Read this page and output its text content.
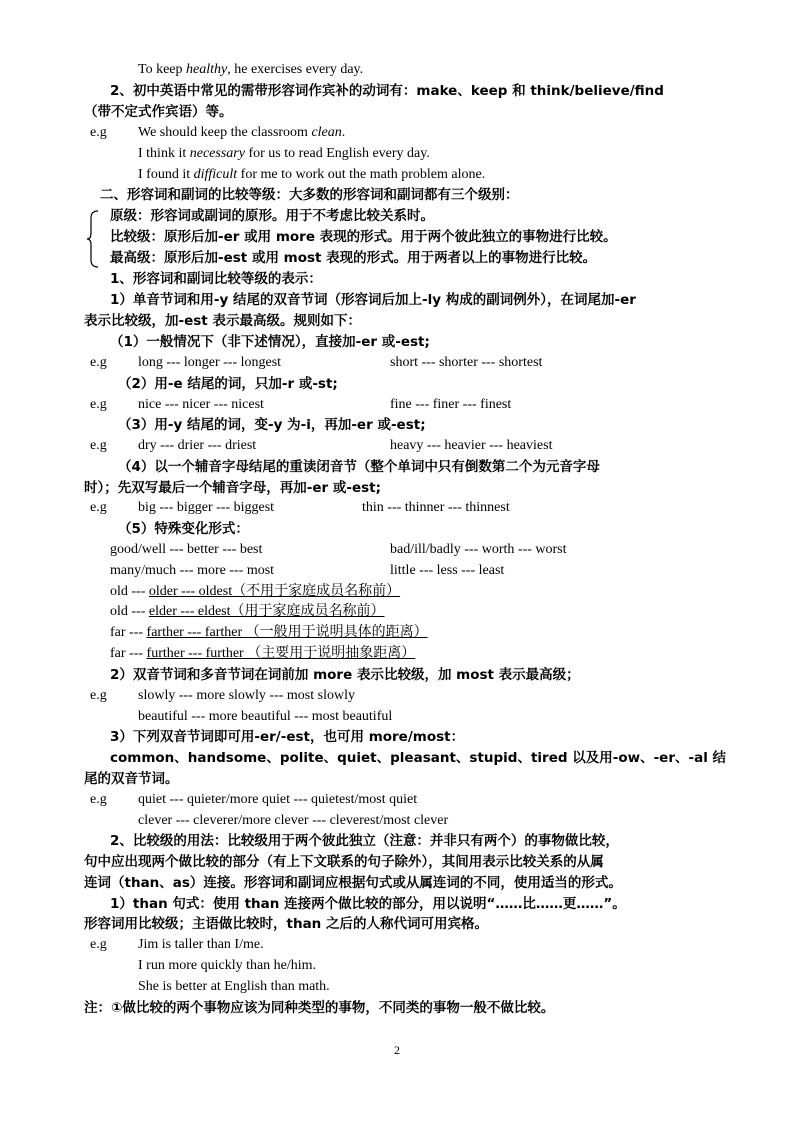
To keep healthy, he exercises every day.
2、初中英语中常见的需带形容词作宾补的动词有：make、keep 和 think/believe/find
（带不定式作宾语）等。
e.g We should keep the classroom clean.
I think it necessary for us to read English every day.
I found it difficult for me to work out the math problem alone.
二、形容词和副词的比较等级：大多数的形容词和副词都有三个级别：
原级：形容词或副词的原形。用于不考虑比较关系时。
比较级：原形后加-er 或用 more 表现的形式。用于两个彼此独立的事物进行比较。
最高级：原形后加-est 或用 most 表现的形式。用于两者以上的事物进行比较。
1、形容词和副词比较等级的表示：
1）单音节词和用-y 结尾的双音节词（形容词后加上-ly 构成的副词例外），在词尾加-er
表示比较级，加-est 表示最高级。规则如下：
（1）一般情况下（非下述情况），直接加-er 或-est;
e.g long --- longer --- longest	short --- shorter --- shortest
（2）用-e 结尾的词，只加-r 或-st;
e.g nice --- nicer --- nicest	fine --- finer --- finest
（3）用-y 结尾的词，变-y 为-i，再加-er 或-est;
e.g dry --- drier --- driest	heavy --- heavier --- heaviest
（4）以一个辅音字母结尾的重读闭音节（整个单词中只有倒数第二个为元音字母
时）；先双写最后一个辅音字母，再加-er 或-est;
e.g big --- bigger --- biggest	thin --- thinner --- thinnest
（5）特殊变化形式：
good/well --- better --- best	bad/ill/badly --- worth --- worst
many/much --- more --- most	little --- less --- least
old --- older --- oldest（不用于家庭成员名称前）
old --- elder --- eldest（用于家庭成员名称前）
far --- farther --- farther （一般用于说明具体的距离）
far --- further --- further （主要用于说明抽象距离）
2）双音节词和多音节词在词前加 more 表示比较级，加 most 表示最高级；
e.g slowly --- more slowly --- most slowly
beautiful --- more beautiful --- most beautiful
3）下列双音节词即可用-er/-est，也可用 more/most：
common、handsome、polite、quiet、pleasant、stupid、tired 以及用-ow、-er、-al 结
尾的双音节词。
e.g quiet --- quieter/more quiet --- quietest/most quiet
clever --- cleverer/more clever --- cleverest/most clever
2、比较级的用法：比较级用于两个彼此独立（注意：并非只有两个）的事物做比较，
句中应出现两个做比较的部分（有上下文联系的句子除外），其间用表示比较关系的从属
连词（than、as）连接。形容词和副词应根据句式或从属连词的不同，使用适当的形式。
1）than 句式：使用 than 连接两个做比较的部分，用以说明“……比……更……”。
形容词用比较级；主语做比较时，than 之后的人称代词可用宾格。
e.g Jim is taller than I/me.
I run more quickly than he/him.
She is better at English than math.
注：①做比较的两个事物应该为同种类型的事物，不同类的事物一般不做比较。
2
